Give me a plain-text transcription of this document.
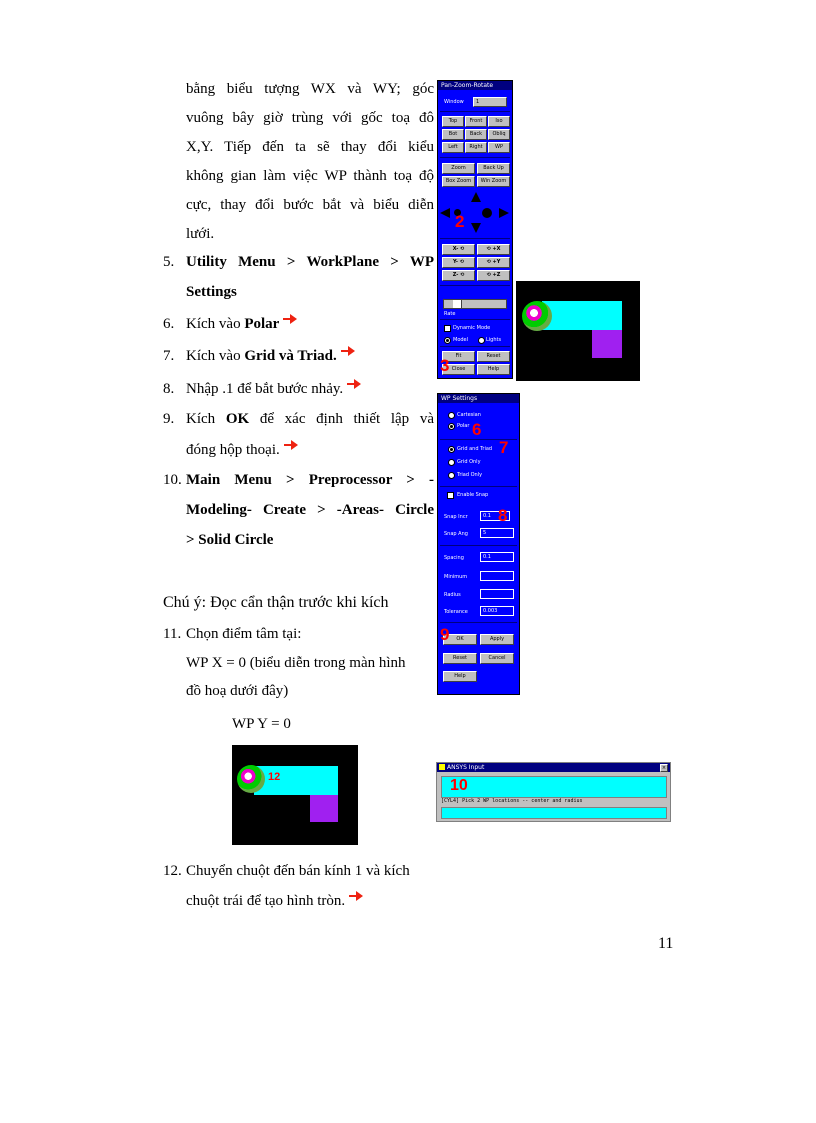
bằng biểu tượng WX và WY; góc
vuông bây giờ trùng với gốc toạ đô
X,Y. Tiếp đến ta sẽ thay đổi kiểu
không gian làm việc WP thành toạ độ
cực, thay đổi bước bắt và biểu diễn
lưới.
5. Utility Menu > WorkPlane > WP
Settings
6. Kích vào Polar
7. Kích vào Grid và Triad.
8. Nhập .1 để bắt bước nhảy.
9. Kích OK để xác định thiết lập và
đóng hộp thoại.
10. Main Menu > Preprocessor > -
Modeling- Create > -Areas- Circle
> Solid Circle
Chú ý: Đọc cẩn thận trước khi kích
11. Chọn điểm tâm tại:
WP X = 0 (biểu diễn trong màn hình
đồ hoạ dưới đây)
WP Y = 0
12. Chuyển chuột đến bán kính 1 và kích
chuột trái để tạo hình tròn.
11
Pan-Zoom-Rotate
Window	1
Top	Front	Iso
Bot	Back	Obliq
Left	Right	WP
Zoom	Back Up
Box Zoom	Win Zoom
2
X- ⟲	⟲ +X
Y- ⟲	⟲ +Y
Z- ⟲	⟲ +Z
Rate
Dynamic Mode
Model	Lights
Fit	Reset
Close	Help
3
WP Settings
Cartesian
Polar 6
Grid and Triad 7
Grid Only
Triad Only
Enable Snap
Snap Incr	0.1 8
Snap Ang	5
Spacing	0.1
Minimum
Radius
Tolerance	0.003
OK	Apply
9
Reset	Cancel
Help
12
ANSYS Input	×
10
[CYL4] Pick 2 WP locations -- center and radius
